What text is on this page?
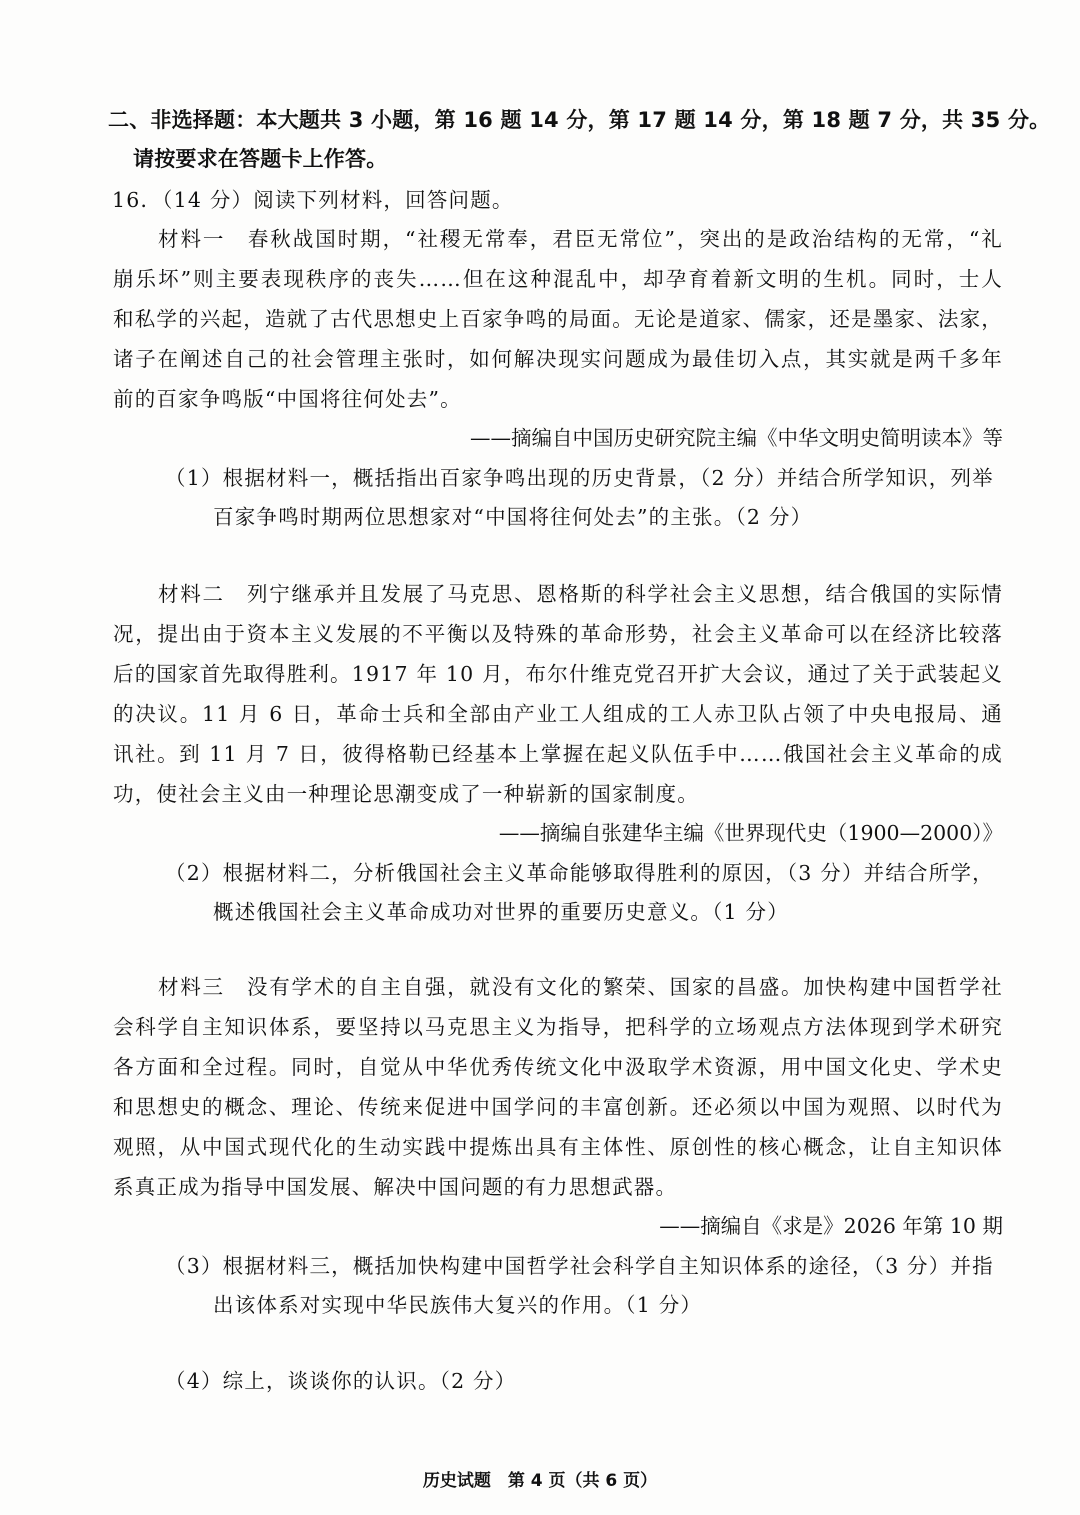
二、非选择题：本大题共 3 小题，第 16 题 14 分，第 17 题 14 分，第 18 题 7 分，共 35 分。
请按要求在答题卡上作答。
16．（14 分）阅读下列材料，回答问题。
材料一　春秋战国时期，“社稷无常奉，君臣无常位”，突出的是政治结构的无常，“礼
崩乐坏”则主要表现秩序的丧失……但在这种混乱中，却孕育着新文明的生机。同时，士人
和私学的兴起，造就了古代思想史上百家争鸣的局面。无论是道家、儒家，还是墨家、法家，
诸子在阐述自己的社会管理主张时，如何解决现实问题成为最佳切入点，其实就是两千多年
前的百家争鸣版“中国将往何处去”。
——摘编自中国历史研究院主编《中华文明史简明读本》等
（1）根据材料一，概括指出百家争鸣出现的历史背景，（2 分）并结合所学知识，列举
百家争鸣时期两位思想家对“中国将往何处去”的主张。（2 分）
材料二　列宁继承并且发展了马克思、恩格斯的科学社会主义思想，结合俄国的实际情
况，提出由于资本主义发展的不平衡以及特殊的革命形势，社会主义革命可以在经济比较落
后的国家首先取得胜利。1917 年 10 月，布尔什维克党召开扩大会议，通过了关于武装起义
的决议。11 月 6 日，革命士兵和全部由产业工人组成的工人赤卫队占领了中央电报局、通
讯社。到 11 月 7 日，彼得格勒已经基本上掌握在起义队伍手中……俄国社会主义革命的成
功，使社会主义由一种理论思潮变成了一种崭新的国家制度。
——摘编自张建华主编《世界现代史（1900—2000）》
（2）根据材料二，分析俄国社会主义革命能够取得胜利的原因，（3 分）并结合所学，
概述俄国社会主义革命成功对世界的重要历史意义。（1 分）
材料三　没有学术的自主自强，就没有文化的繁荣、国家的昌盛。加快构建中国哲学社
会科学自主知识体系，要坚持以马克思主义为指导，把科学的立场观点方法体现到学术研究
各方面和全过程。同时，自觉从中华优秀传统文化中汲取学术资源，用中国文化史、学术史
和思想史的概念、理论、传统来促进中国学问的丰富创新。还必须以中国为观照、以时代为
观照，从中国式现代化的生动实践中提炼出具有主体性、原创性的核心概念，让自主知识体
系真正成为指导中国发展、解决中国问题的有力思想武器。
——摘编自《求是》2026 年第 10 期
（3）根据材料三，概括加快构建中国哲学社会科学自主知识体系的途径，（3 分）并指
出该体系对实现中华民族伟大复兴的作用。（1 分）
（4）综上，谈谈你的认识。（2 分）
历史试题　第 4 页（共 6 页）
